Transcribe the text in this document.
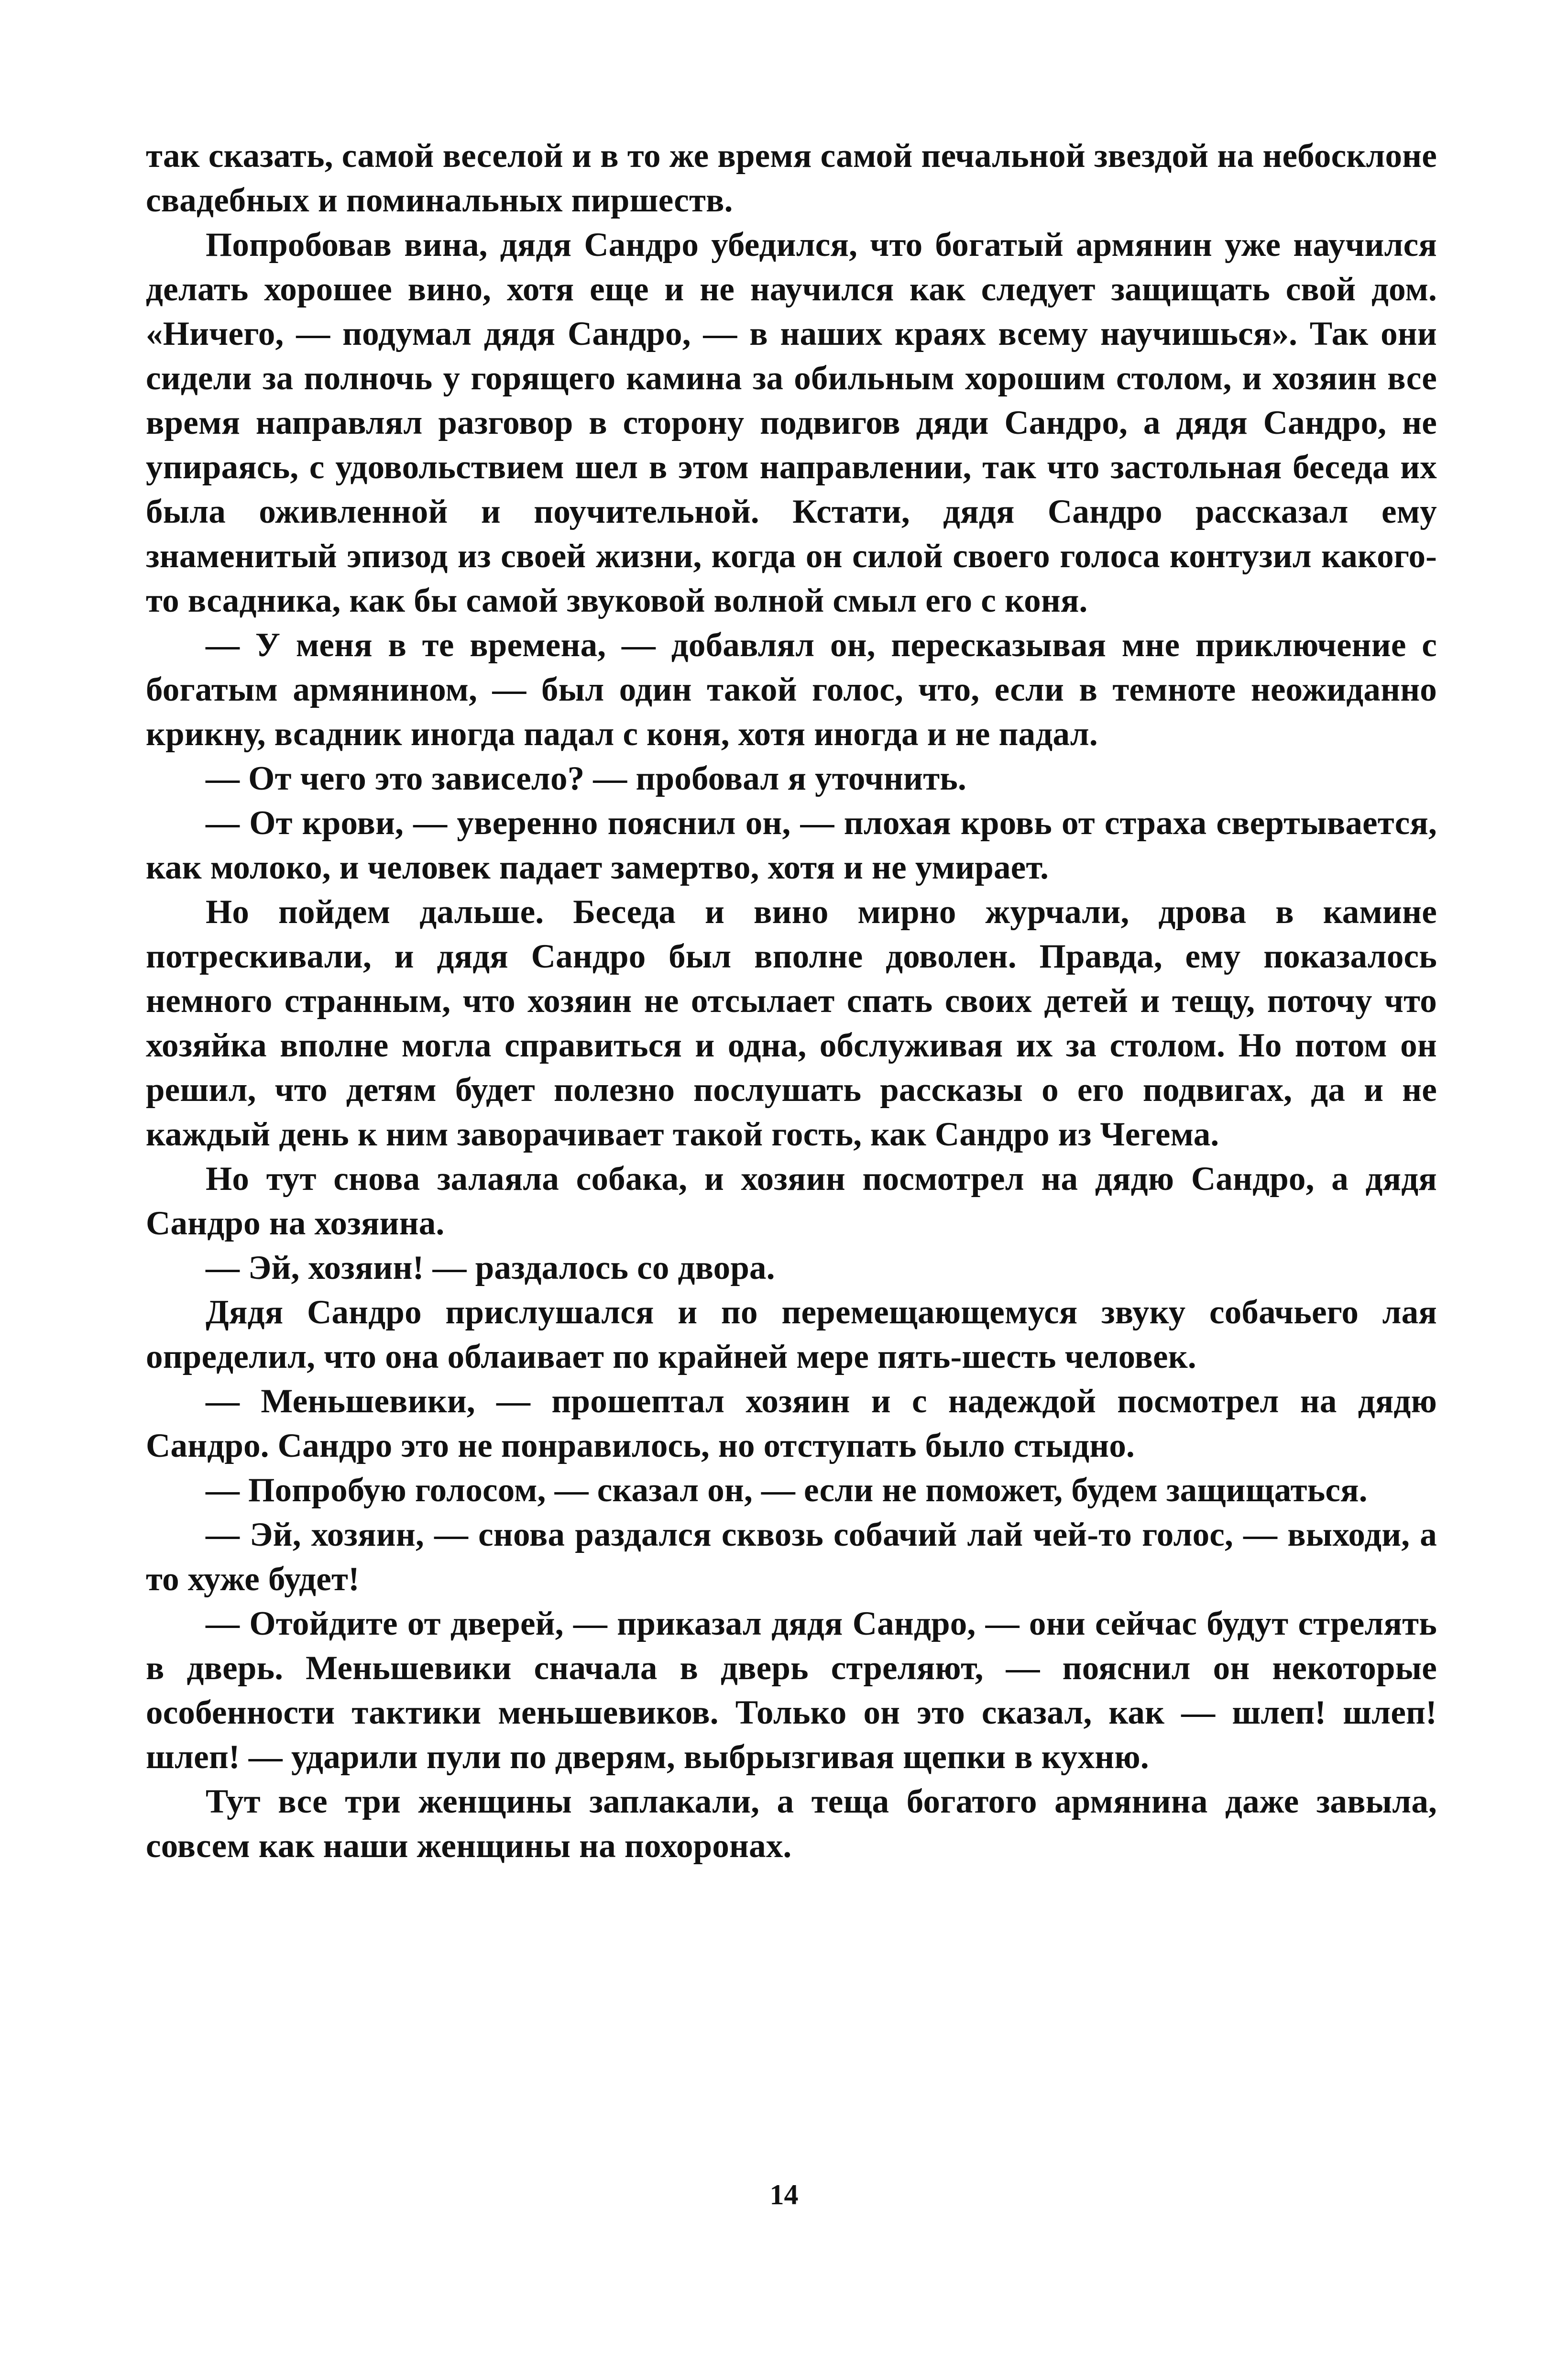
так сказать, самой веселой и в то же время самой печальной звездой на небосклоне свадебных и поминальных пиршеств.

Попробовав вина, дядя Сандро убедился, что богатый армянин уже научился делать хорошее вино, хотя еще и не научился как следует защищать свой дом. «Ничего, — подумал дядя Сандро, — в наших краях всему научишься». Так они сидели за полночь у горящего камина за обильным хорошим столом, и хозяин все время направлял разговор в сторону подвигов дяди Сандро, а дядя Сандро, не упираясь, с удовольствием шел в этом направлении, так что застольная беседа их была оживленной и поучительной. Кстати, дядя Сандро рассказал ему знаменитый эпизод из своей жизни, когда он силой своего голоса контузил какого-то всадника, как бы самой звуковой волной смыл его с коня.

— У меня в те времена, — добавлял он, пересказывая мне приключение с богатым армянином, — был один такой голос, что, если в темноте неожиданно крикну, всадник иногда падал с коня, хотя иногда и не падал.

— От чего это зависело? — пробовал я уточнить.

— От крови, — уверенно пояснил он, — плохая кровь от страха свертывается, как молоко, и человек падает замертво, хотя и не умирает.

Но пойдем дальше. Беседа и вино мирно журчали, дрова в камине потрескивали, и дядя Сандро был вполне доволен. Правда, ему показалось немного странным, что хозяин не отсылает спать своих детей и тещу, поточу что хозяйка вполне могла справиться и одна, обслуживая их за столом. Но потом он решил, что детям будет полезно послушать рассказы о его подвигах, да и не каждый день к ним заворачивает такой гость, как Сандро из Чегема.

Но тут снова залаяла собака, и хозяин посмотрел на дядю Сандро, а дядя Сандро на хозяина.

— Эй, хозяин! — раздалось со двора.

Дядя Сандро прислушался и по перемещающемуся звуку собачьего лая определил, что она облаивает по крайней мере пять-шесть человек.

— Меньшевики, — прошептал хозяин и с надеждой посмотрел на дядю Сандро. Сандро это не понравилось, но отступать было стыдно.

— Попробую голосом, — сказал он, — если не поможет, будем защищаться.

— Эй, хозяин, — снова раздался сквозь собачий лай чей-то голос, — выходи, а то хуже будет!

— Отойдите от дверей, — приказал дядя Сандро, — они сейчас будут стрелять в дверь. Меньшевики сначала в дверь стреляют, — пояснил он некоторые особенности тактики меньшевиков. Только он это сказал, как — шлеп! шлеп! шлеп! — ударили пули по дверям, выбрызгивая щепки в кухню.

Тут все три женщины заплакали, а теща богатого армянина даже завыла, совсем как наши женщины на похоронах.

14
